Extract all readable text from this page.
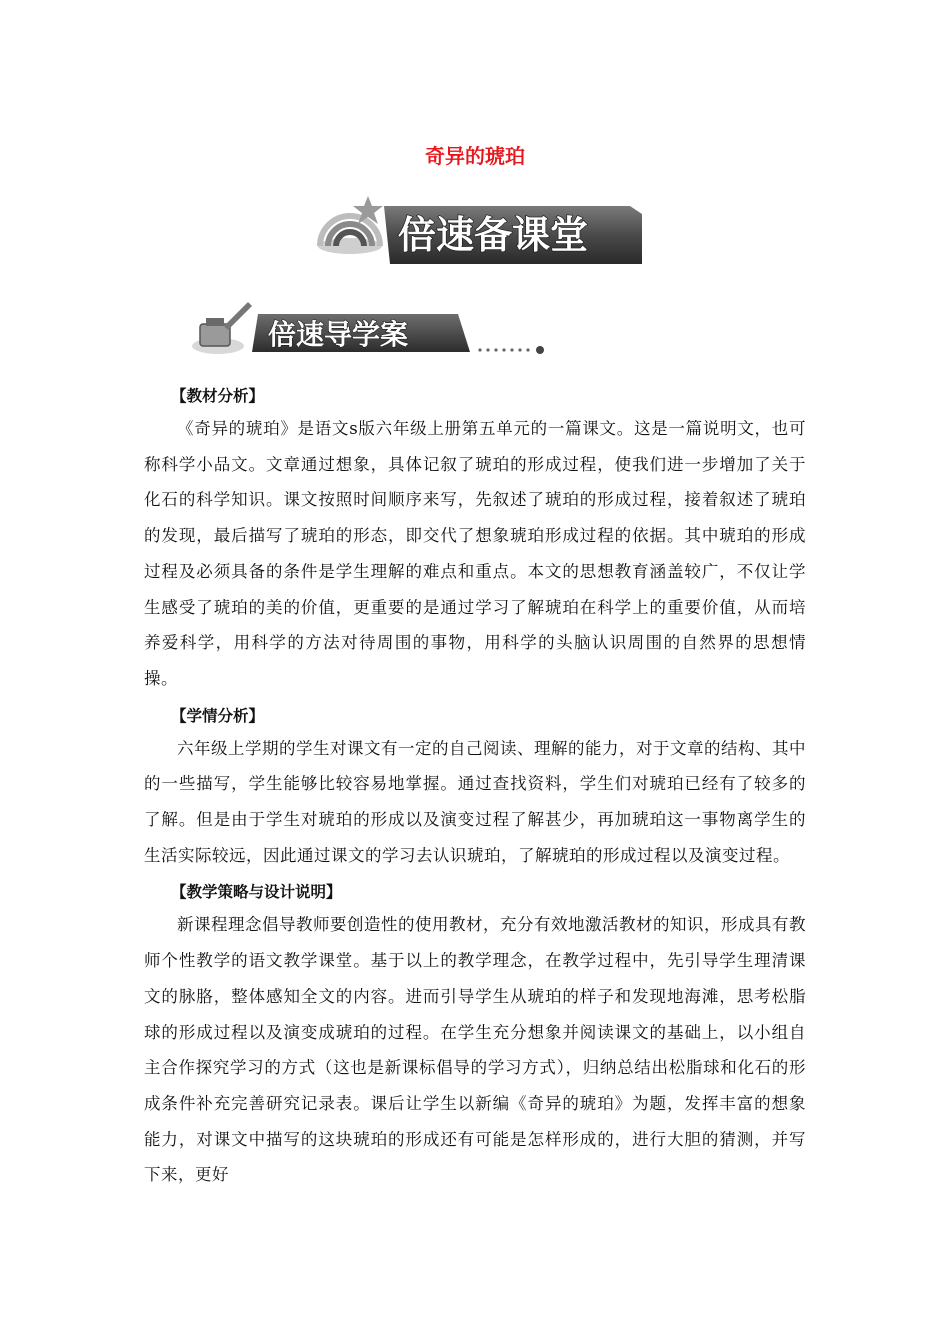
奇异的琥珀
倍速备课堂
倍速导学案
【教材分析】

《奇异的琥珀》是语文s版六年级上册第五单元的一篇课文。这是一篇说明文，也可称科学小品文。文章通过想象，具体记叙了琥珀的形成过程，使我们进一步增加了关于化石的科学知识。课文按照时间顺序来写，先叙述了琥珀的形成过程，接着叙述了琥珀的发现，最后描写了琥珀的形态，即交代了想象琥珀形成过程的依据。其中琥珀的形成过程及必须具备的条件是学生理解的难点和重点。本文的思想教育涵盖较广，不仅让学生感受了琥珀的美的价值，更重要的是通过学习了解琥珀在科学上的重要价值，从而培养爱科学，用科学的方法对待周围的事物，用科学的头脑认识周围的自然界的思想情操。

【学情分析】

六年级上学期的学生对课文有一定的自己阅读、理解的能力，对于文章的结构、其中的一些描写，学生能够比较容易地掌握。通过查找资料，学生们对琥珀已经有了较多的了解。但是由于学生对琥珀的形成以及演变过程了解甚少，再加琥珀这一事物离学生的生活实际较远，因此通过课文的学习去认识琥珀，了解琥珀的形成过程以及演变过程。

【教学策略与设计说明】

新课程理念倡导教师要创造性的使用教材，充分有效地激活教材的知识，形成具有教师个性教学的语文教学课堂。基于以上的教学理念，在教学过程中，先引导学生理清课文的脉胳，整体感知全文的内容。进而引导学生从琥珀的样子和发现地海滩，思考松脂球的形成过程以及演变成琥珀的过程。在学生充分想象并阅读课文的基础上，以小组自主合作探究学习的方式（这也是新课标倡导的学习方式），归纳总结出松脂球和化石的形成条件补充完善研究记录表。课后让学生以新编《奇异的琥珀》为题，发挥丰富的想象能力，对课文中描写的这块琥珀的形成还有可能是怎样形成的，进行大胆的猜测，并写下来，更好
